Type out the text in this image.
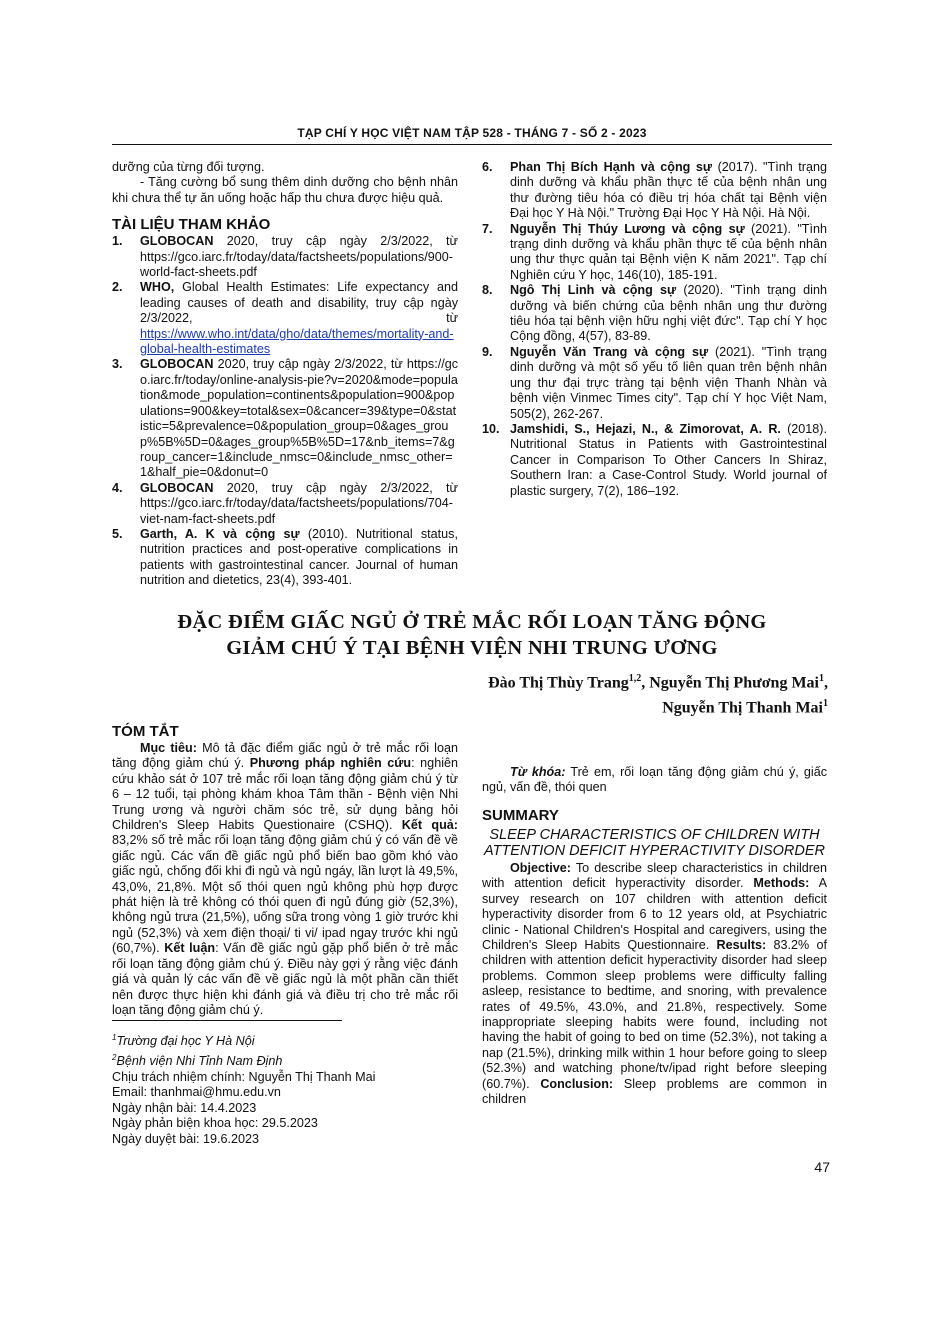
TẠP CHÍ Y HỌC VIỆT NAM TẬP 528 - THÁNG 7 - SỐ 2 - 2023

dưỡng của từng đối tượng.

- Tăng cường bổ sung thêm dinh dưỡng cho bệnh nhân khi chưa thể tự ăn uống hoặc hấp thu chưa được hiệu quả.

TÀI LIỆU THAM KHẢO
1. GLOBOCAN 2020, truy cập ngày 2/3/2022, từ https://gco.iarc.fr/today/data/factsheets/populations/900-world-fact-sheets.pdf
2. WHO, Global Health Estimates: Life expectancy and leading causes of death and disability, truy cập ngày 2/3/2022, từ https://www.who.int/data/gho/data/themes/mortality-and-global-health-estimates
3. GLOBOCAN 2020, truy cập ngày 2/3/2022, từ https://gco.iarc.fr/today/online-analysis-pie?v=2020&mode=population&mode_population=continents&population=900&populations=900&key=total&sex=0&cancer=39&type=0&statistic=5&prevalence=0&population_group=0&ages_group%5B%5D=0&ages_group%5B%5D=17&nb_items=7&group_cancer=1&include_nmsc=0&include_nmsc_other=1&half_pie=0&donut=0
4. GLOBOCAN 2020, truy cập ngày 2/3/2022, từ https://gco.iarc.fr/today/data/factsheets/populations/704-viet-nam-fact-sheets.pdf
5. Garth, A. K và cộng sự (2010). Nutritional status, nutrition practices and post-operative complications in patients with gastrointestinal cancer. Journal of human nutrition and dietetics, 23(4), 393-401.
6. Phan Thị Bích Hạnh và cộng sự (2017). "Tình trạng dinh dưỡng và khẩu phần thực tế của bệnh nhân ung thư đường tiêu hóa có điều trị hóa chất tại Bệnh viện Đại học Y Hà Nội." Trường Đại Học Y Hà Nội. Hà Nội.
7. Nguyễn Thị Thúy Lương và cộng sự (2021). "Tình trạng dinh dưỡng và khẩu phần thực tế của bệnh nhân ung thư thực quản tại Bệnh viện K năm 2021". Tạp chí Nghiên cứu Y học, 146(10), 185-191.
8. Ngô Thị Linh và cộng sự (2020). "Tình trạng dinh dưỡng và biến chứng của bệnh nhân ung thư đường tiêu hóa tại bệnh viện hữu nghị việt đức". Tạp chí Y học Cộng đồng, 4(57), 83-89.
9. Nguyễn Văn Trang và cộng sự (2021). "Tình trạng dinh dưỡng và một số yếu tố liên quan trên bệnh nhân ung thư đại trực tràng tại bệnh viện Thanh Nhàn và bệnh viện Vinmec Times city". Tạp chí Y học Việt Nam, 505(2), 262-267.
10. Jamshidi, S., Hejazi, N., & Zimorovat, A. R. (2018). Nutritional Status in Patients with Gastrointestinal Cancer in Comparison To Other Cancers In Shiraz, Southern Iran: a Case-Control Study. World journal of plastic surgery, 7(2), 186–192.
ĐẶC ĐIỂM GIẤC NGỦ Ở TRẺ MẮC RỐI LOẠN TĂNG ĐỘNG
GIẢM CHÚ Ý TẠI BỆNH VIỆN NHI TRUNG ƯƠNG
Đào Thị Thùy Trang$^{1,2}$, Nguyễn Thị Phương Mai$^1$,
Nguyễn Thị Thanh Mai$^1$
TÓM TẮT

Mục tiêu: Mô tả đặc điểm giấc ngủ ở trẻ mắc rối loạn tăng động giảm chú ý. Phương pháp nghiên cứu: nghiên cứu khảo sát ở 107 trẻ mắc rối loạn tăng động giảm chú ý từ 6 – 12 tuổi, tại phòng khám khoa Tâm thần - Bệnh viện Nhi Trung ương và người chăm sóc trẻ, sử dụng bảng hỏi Children's Sleep Habits Questionaire (CSHQ). Kết quả: 83,2% số trẻ mắc rối loạn tăng động giảm chú ý có vấn đề về giấc ngủ. Các vấn đề giấc ngủ phổ biến bao gồm khó vào giấc ngủ, chống đối khi đi ngủ và ngủ ngáy, lần lượt là 49,5%, 43,0%, 21,8%. Một số thói quen ngủ không phù hợp được phát hiện là trẻ không có thói quen đi ngủ đúng giờ (52,3%), không ngủ trưa (21,5%), uống sữa trong vòng 1 giờ trước khi ngủ (52,3%) và xem điện thoại/ ti vi/ ipad ngay trước khi ngủ (60,7%). Kết luận: Vấn đề giấc ngủ gặp phổ biến ở trẻ mắc rối loạn tăng động giảm chú ý. Điều này gợi ý rằng việc đánh giá và quản lý các vấn đề về giấc ngủ là một phần cần thiết nên được thực hiện khi đánh giá và điều trị cho trẻ mắc rối loạn tăng động giảm chú ý.

Từ khóa: Trẻ em, rối loạn tăng động giảm chú ý, giấc ngủ, vấn đề, thói quen

SUMMARY
SLEEP CHARACTERISTICS OF CHILDREN WITH ATTENTION DEFICIT HYPERACTIVITY DISORDER

Objective: To describe sleep characteristics in children with attention deficit hyperactivity disorder. Methods: A survey research on 107 children with attention deficit hyperactivity disorder from 6 to 12 years old, at Psychiatric clinic - National Children's Hospital and caregivers, using the Children's Sleep Habits Questionnaire. Results: 83.2% of children with attention deficit hyperactivity disorder had sleep problems. Common sleep problems were difficulty falling asleep, resistance to bedtime, and snoring, with prevalence rates of 49.5%, 43.0%, and 21.8%, respectively. Some inappropriate sleeping habits were found, including not having the habit of going to bed on time (52.3%), not taking a nap (21.5%), drinking milk within 1 hour before going to sleep (52.3%) and watching phone/tv/ipad right before sleeping (60.7%). Conclusion: Sleep problems are common in children

$^1$Trường đại học Y Hà Nội
$^2$Bệnh viện Nhi Tỉnh Nam Định
Chịu trách nhiệm chính: Nguyễn Thị Thanh Mai
Email: thanhmai@hmu.edu.vn
Ngày nhận bài: 14.4.2023
Ngày phản biện khoa học: 29.5.2023
Ngày duyệt bài: 19.6.2023
47
